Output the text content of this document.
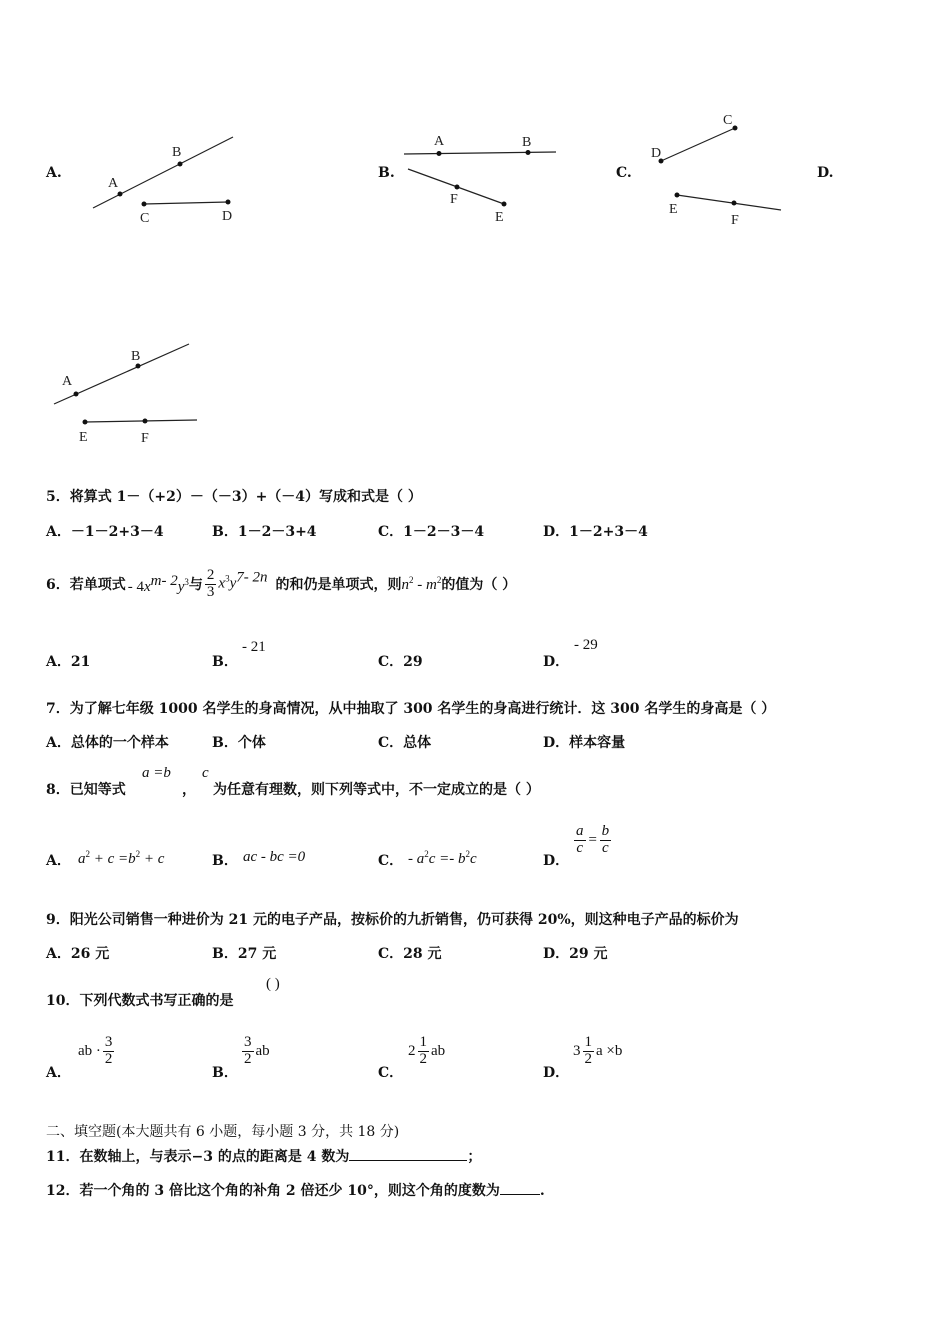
A.
A
B
C	D
B.
A	B
F
E
C.
C
D
E
F
D.
A
B
E	F
5．将算式 1－（+2）－（－3）+（－4）写成和式是（ ）
A．－1－2+3－4	B．1－2－3+4	C．1－2－3－4	D．1－2+3－4
6．若单项式 - $4x^{m- 2}y^3$ 与 $\frac{2}{3} x^3y^{7- 2n}$ 的和仍是单项式，则 $n^2 - m^2$ 的值为（ ）
A．21	B．
- 21
C．29	D．
- 29
7．为了解七年级 1000 名学生的身高情况，从中抽取了 300 名学生的身高进行统计．这 300 名学生的身高是（ ）
A．总体的一个样本	B．个体	C．总体	D．样本容量
8．已知等式
a =b
，
c
为任意有理数，则下列等式中，不一定成立的是（ ）
A． $a^2 + c =b^2 + c$	B． ac - bc =0	C． - $a^2c =- b^2c$	D．
$\frac{a}{c} = \frac{b}{c}$
9．阳光公司销售一种进价为 21 元的电子产品，按标价的九折销售，仍可获得 20%，则这种电子产品的标价为
A．26 元	B．27 元	C．28 元	D．29 元
10．下列代数式书写正确的是
( )
A．
ab · $\frac{3}{2}$
B．
$\frac{3}{2}$ ab
C．
$2 \frac{1}{2}$ ab
D．
$3 \frac{1}{2}$ a ×b
二、填空题(本大题共有 6 小题，每小题 3 分，共 18 分)
11．在数轴上，与表示−3 的点的距离是 4 数为	；
12．若一个角的 3 倍比这个角的补角 2 倍还少 10°，则这个角的度数为	.
